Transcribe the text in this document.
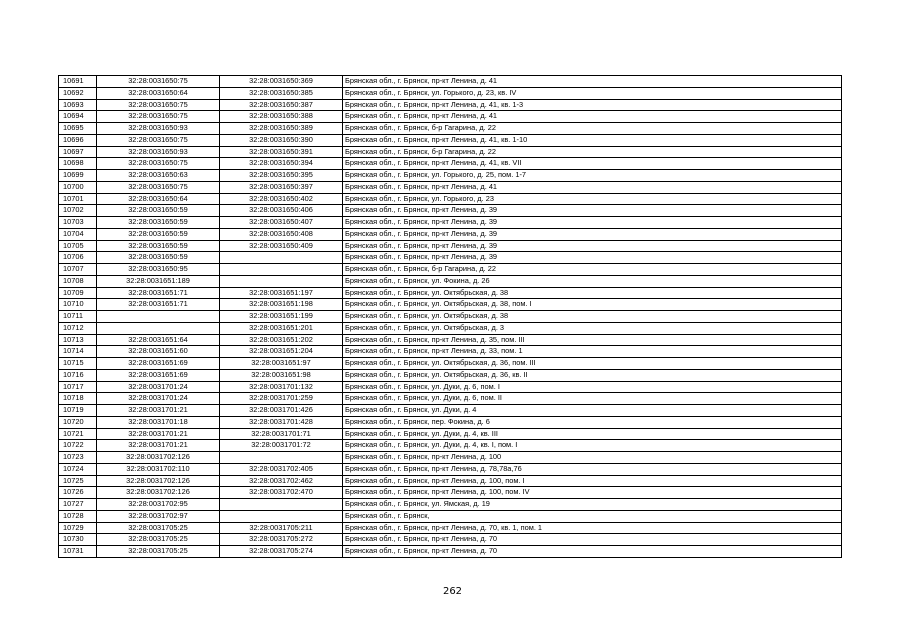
10691	32:28:0031650:75	32:28:0031650:369	Брянская обл., г. Брянск, пр-кт Ленина, д. 41
10692	32:28:0031650:64	32:28:0031650:385	Брянская обл., г. Брянск, ул. Горького, д. 23, кв. IV
10693	32:28:0031650:75	32:28:0031650:387	Брянская обл., г. Брянск, пр-кт Ленина, д. 41, кв. 1-3
10694	32:28:0031650:75	32:28:0031650:388	Брянская обл., г. Брянск, пр-кт Ленина, д. 41
10695	32:28:0031650:93	32:28:0031650:389	Брянская обл., г. Брянск, б-р Гагарина, д. 22
10696	32:28:0031650:75	32:28:0031650:390	Брянская обл., г. Брянск, пр-кт Ленина, д. 41, кв. 1-10
10697	32:28:0031650:93	32:28:0031650:391	Брянская обл., г. Брянск, б-р Гагарина, д. 22
10698	32:28:0031650:75	32:28:0031650:394	Брянская обл., г. Брянск, пр-кт Ленина, д. 41, кв. VII
10699	32:28:0031650:63	32:28:0031650:395	Брянская обл., г. Брянск, ул. Горького, д. 25, пом. 1-7
10700	32:28:0031650:75	32:28:0031650:397	Брянская обл., г. Брянск, пр-кт Ленина, д. 41
10701	32:28:0031650:64	32:28:0031650:402	Брянская обл., г. Брянск, ул. Горького, д. 23
10702	32:28:0031650:59	32:28:0031650:406	Брянская обл., г. Брянск, пр-кт Ленина, д. 39
10703	32:28:0031650:59	32:28:0031650:407	Брянская обл., г. Брянск, пр-кт Ленина, д. 39
10704	32:28:0031650:59	32:28:0031650:408	Брянская обл., г. Брянск, пр-кт Ленина, д. 39
10705	32:28:0031650:59	32:28:0031650:409	Брянская обл., г. Брянск, пр-кт Ленина, д. 39
10706	32:28:0031650:59		Брянская обл., г. Брянск, пр-кт Ленина, д. 39
10707	32:28:0031650:95		Брянская обл., г. Брянск, б-р Гагарина, д. 22
10708	32:28:0031651:189		Брянская обл., г. Брянск, ул. Фокина, д. 26
10709	32:28:0031651:71	32:28:0031651:197	Брянская обл., г. Брянск, ул. Октябрьская, д. 38
10710	32:28:0031651:71	32:28:0031651:198	Брянская обл., г. Брянск, ул. Октябрьская, д. 38, пом. I
10711		32:28:0031651:199	Брянская обл., г. Брянск, ул. Октябрьская, д. 38
10712		32:28:0031651:201	Брянская обл., г. Брянск, ул. Октябрьская, д. 3
10713	32:28:0031651:64	32:28:0031651:202	Брянская обл., г. Брянск, пр-кт Ленина, д. 35, пом. III
10714	32:28:0031651:60	32:28:0031651:204	Брянская обл., г. Брянск, пр-кт Ленина, д. 33, пом. 1
10715	32:28:0031651:69	32:28:0031651:97	Брянская обл., г. Брянск, ул. Октябрьская, д. 36, пом. III
10716	32:28:0031651:69	32:28:0031651:98	Брянская обл., г. Брянск, ул. Октябрьская, д. 36, кв. II
10717	32:28:0031701:24	32:28:0031701:132	Брянская обл., г. Брянск, ул. Дуки, д. 6, пом. I
10718	32:28:0031701:24	32:28:0031701:259	Брянская обл., г. Брянск, ул. Дуки, д. 6, пом. II
10719	32:28:0031701:21	32:28:0031701:426	Брянская обл., г. Брянск, ул. Дуки, д. 4
10720	32:28:0031701:18	32:28:0031701:428	Брянская обл., г. Брянск, пер. Фокина, д. 6
10721	32:28:0031701:21	32:28:0031701:71	Брянская обл., г. Брянск, ул. Дуки, д. 4, кв. III
10722	32:28:0031701:21	32:28:0031701:72	Брянская обл., г. Брянск, ул. Дуки, д. 4, кв. I, пом. I
10723	32:28:0031702:126		Брянская обл., г. Брянск, пр-кт Ленина, д. 100
10724	32:28:0031702:110	32:28:0031702:405	Брянская обл., г. Брянск, пр-кт Ленина, д. 78,78а,76
10725	32:28:0031702:126	32:28:0031702:462	Брянская обл., г. Брянск, пр-кт Ленина, д. 100, пом. I
10726	32:28:0031702:126	32:28:0031702:470	Брянская обл., г. Брянск, пр-кт Ленина, д. 100, пом. IV
10727	32:28:0031702:95		Брянская обл., г. Брянск, ул. Ямская, д. 19
10728	32:28:0031702:97		Брянская обл., г. Брянск,
10729	32:28:0031705:25	32:28:0031705:211	Брянская обл., г. Брянск, пр-кт Ленина, д. 70, кв. 1, пом. 1
10730	32:28:0031705:25	32:28:0031705:272	Брянская обл., г. Брянск, пр-кт Ленина, д. 70
10731	32:28:0031705:25	32:28:0031705:274	Брянская обл., г. Брянск, пр-кт Ленина, д. 70
262
